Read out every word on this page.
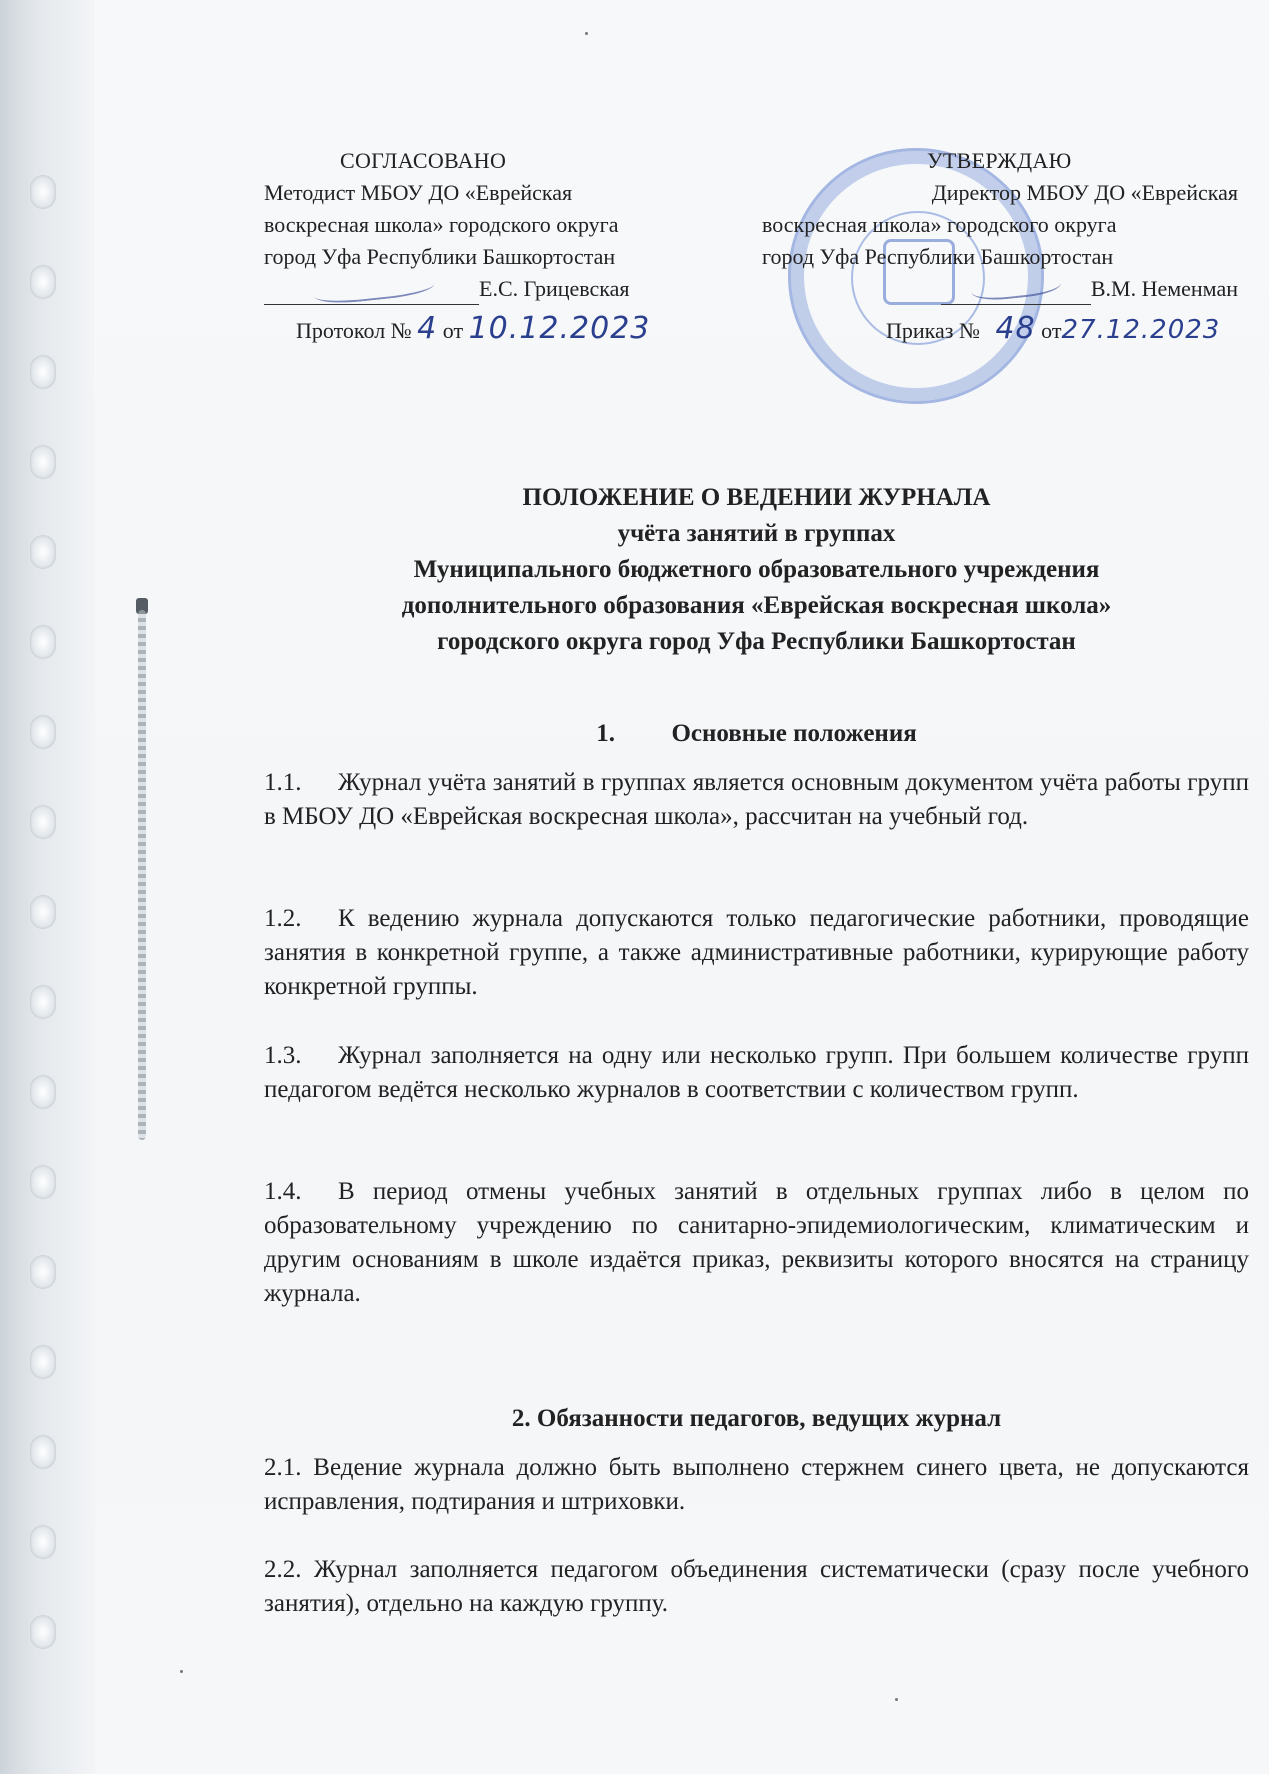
СОГЛАСОВАНО
Методист МБОУ ДО «Еврейская
воскресная школа» городского округа
город Уфа Республики Башкортостан
Е.С. Грицевская
Протокол № 4 от 10.12.2023
УТВЕРЖДАЮ
Директор МБОУ ДО «Еврейская
воскресная школа» городского округа
город Уфа Республики Башкортостан
В.М. Неменман
Приказ № 48 от27.12.2023
ПОЛОЖЕНИЕ О ВЕДЕНИИ ЖУРНАЛА
учёта занятий в группах
Муниципального бюджетного образовательного учреждения
дополнительного образования «Еврейская воскресная школа»
городского округа город Уфа Республики Башкортостан
1. Основные положения
1.1. Журнал учёта занятий в группах является основным документом учёта работы групп в МБОУ ДО «Еврейская воскресная школа», рассчитан на учебный год.
1.2. К ведению журнала допускаются только педагогические работники, проводящие занятия в конкретной группе, а также административные работники, курирующие работу конкретной группы.
1.3. Журнал заполняется на одну или несколько групп. При большем количестве групп педагогом ведётся несколько журналов в соответствии с количеством групп.
1.4. В период отмены учебных занятий в отдельных группах либо в целом по образовательному учреждению по санитарно-эпидемиологическим, климатическим и другим основаниям в школе издаётся приказ, реквизиты которого вносятся на страницу журнала.
2. Обязанности педагогов, ведущих журнал
2.1. Ведение журнала должно быть выполнено стержнем синего цвета, не допускаются исправления, подтирания и штриховки.
2.2. Журнал заполняется педагогом объединения систематически (сразу после учебного занятия), отдельно на каждую группу.
